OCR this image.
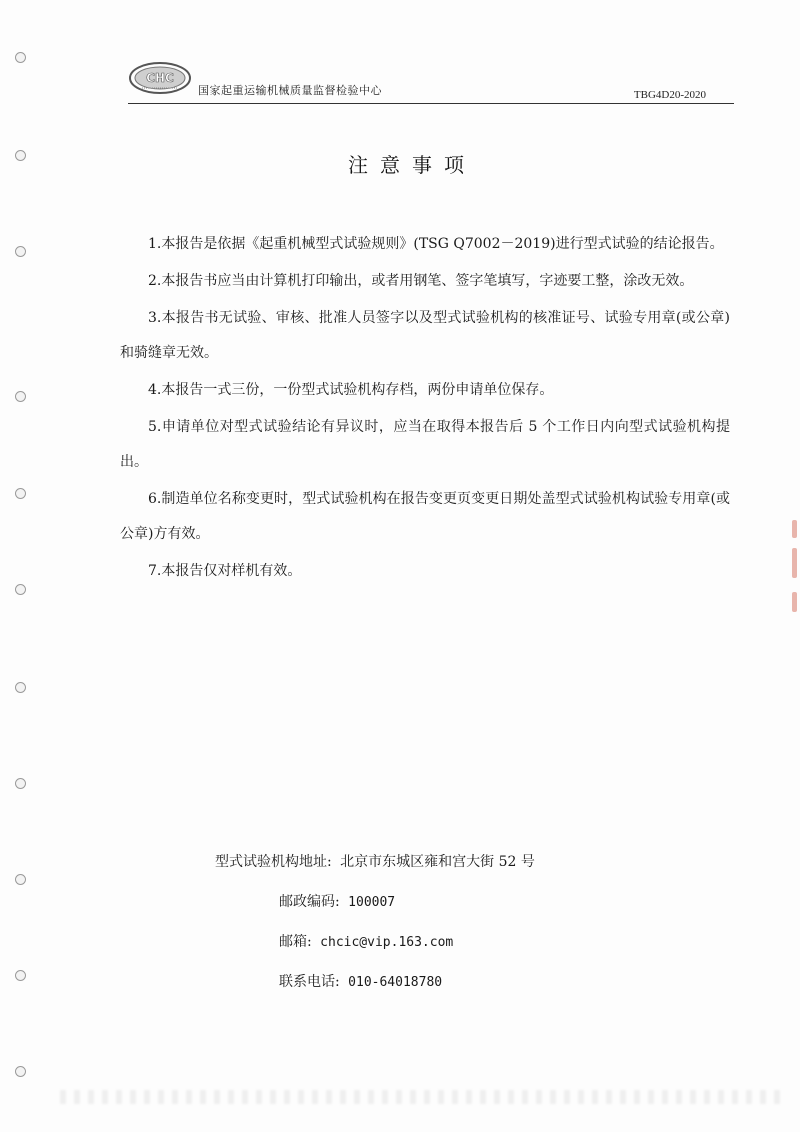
CHC
国家起重运输机械质量监督检验中心	TBG4D20-2020
注意事项

1.本报告是依据《起重机械型式试验规则》(TSG Q7002－2019)进行型式试验的结论报告。

2.本报告书应当由计算机打印输出，或者用钢笔、签字笔填写，字迹要工整，涂改无效。

3.本报告书无试验、审核、批准人员签字以及型式试验机构的核准证号、试验专用章(或公章)和骑缝章无效。

4.本报告一式三份，一份型式试验机构存档，两份申请单位保存。

5.申请单位对型式试验结论有异议时，应当在取得本报告后 5 个工作日内向型式试验机构提出。

6.制造单位名称变更时，型式试验机构在报告变更页变更日期处盖型式试验机构试验专用章(或公章)方有效。

7.本报告仅对样机有效。

型式试验机构地址: 北京市东城区雍和宫大街 52 号
邮政编码: 100007
邮箱: chcic@vip.163.com
联系电话: 010-64018780
